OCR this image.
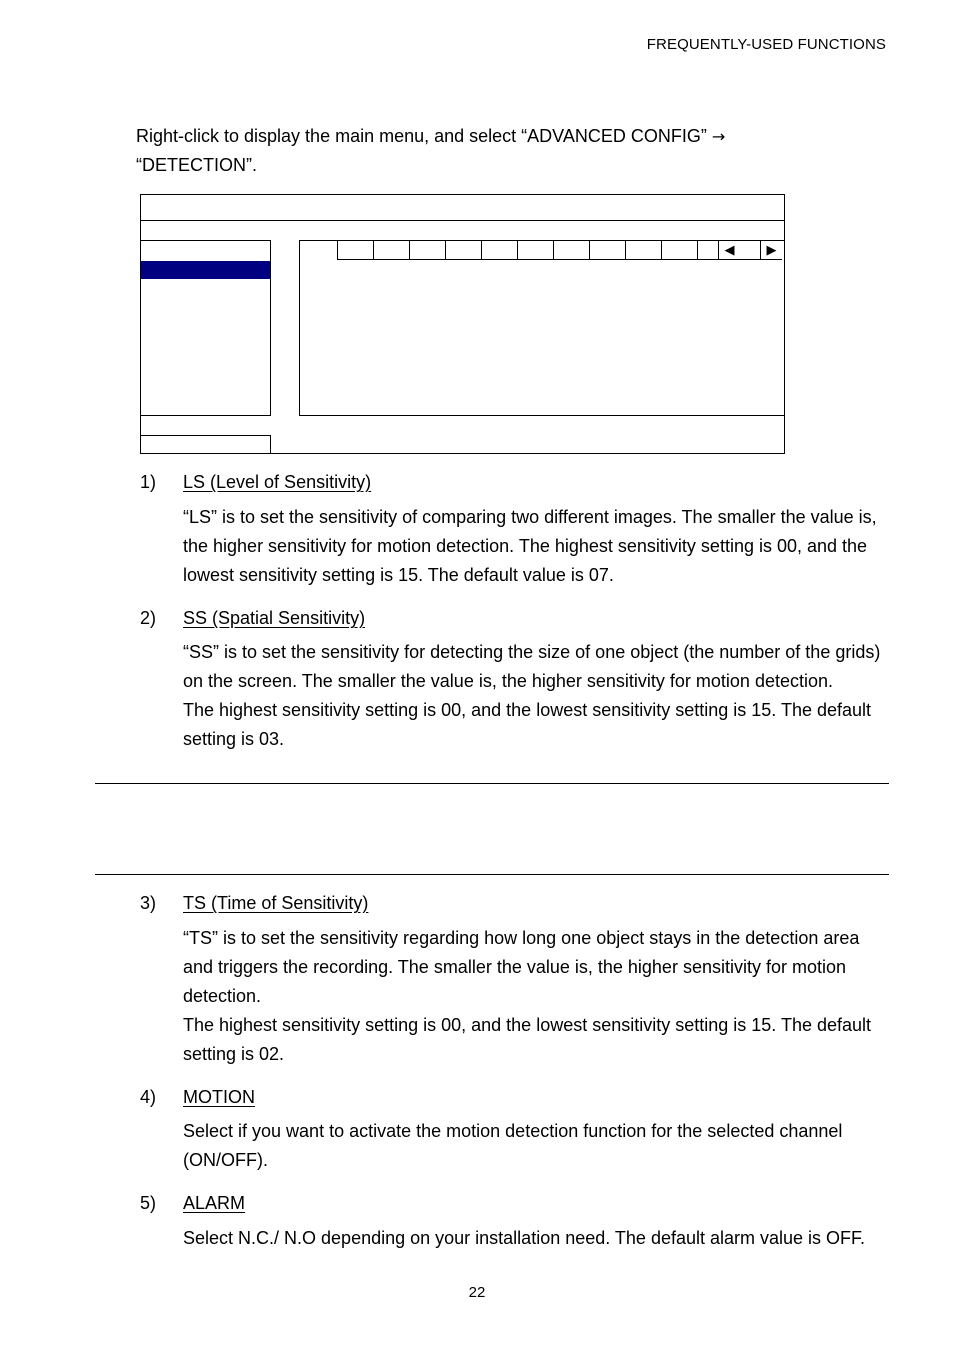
FREQUENTLY-USED FUNCTIONS
Right-click to display the main menu, and select “ADVANCED CONFIG” →
“DETECTION”.
◀	▶
1) LS (Level of Sensitivity)

“LS” is to set the sensitivity of comparing two different images. The smaller the value is, the higher sensitivity for motion detection. The highest sensitivity setting is 00, and the lowest sensitivity setting is 15. The default value is 07.

2) SS (Spatial Sensitivity)

“SS” is to set the sensitivity for detecting the size of one object (the number of the grids) on the screen. The smaller the value is, the higher sensitivity for motion detection.

The highest sensitivity setting is 00, and the lowest sensitivity setting is 15. The default setting is 03.

3) TS (Time of Sensitivity)

“TS” is to set the sensitivity regarding how long one object stays in the detection area and triggers the recording. The smaller the value is, the higher sensitivity for motion detection.

The highest sensitivity setting is 00, and the lowest sensitivity setting is 15. The default setting is 02.

4) MOTION

Select if you want to activate the motion detection function for the selected channel (ON/OFF).

5) ALARM

Select N.C./ N.O depending on your installation need. The default alarm value is OFF.

22
